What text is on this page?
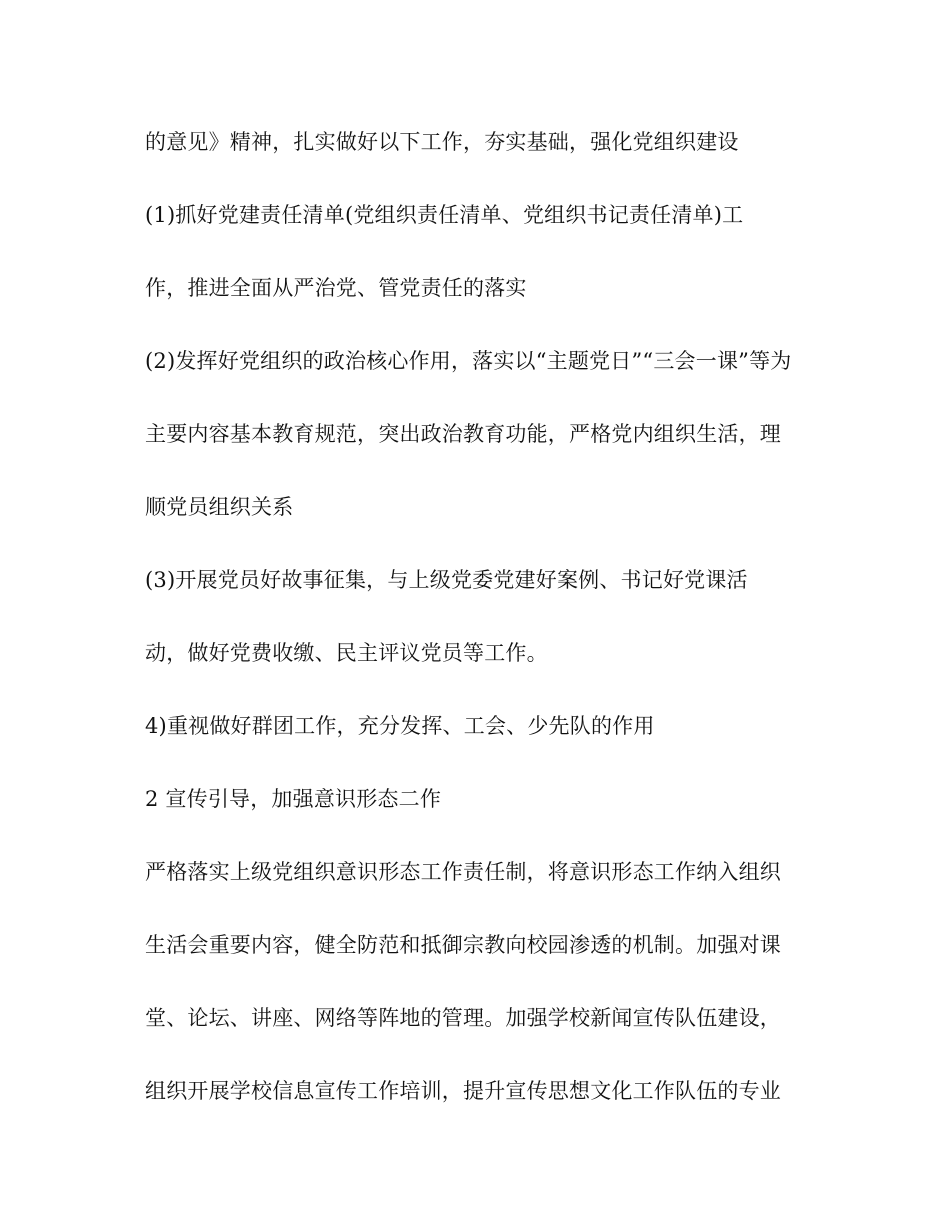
的意见》精神，扎实做好以下工作，夯实基础，强化党组织建设
(1)抓好党建责任清单(党组织责任清单、党组织书记责任清单)工
作，推进全面从严治党、管党责任的落实
(2)发挥好党组织的政治核心作用，落实以“主题党日”“三会一课”等为
主要内容基本教育规范，突出政治教育功能，严格党内组织生活，理
顺党员组织关系
(3)开展党员好故事征集，与上级党委党建好案例、书记好党课活
动，做好党费收缴、民主评议党员等工作。
4)重视做好群团工作，充分发挥、工会、少先队的作用
2 宣传引导，加强意识形态二作
严格落实上级党组织意识形态工作责任制，将意识形态工作纳入组织
生活会重要内容，健全防范和抵御宗教向校园渗透的机制。加强对课
堂、论坛、讲座、网络等阵地的管理。加强学校新闻宣传队伍建设，
组织开展学校信息宣传工作培训，提升宣传思想文化工作队伍的专业
